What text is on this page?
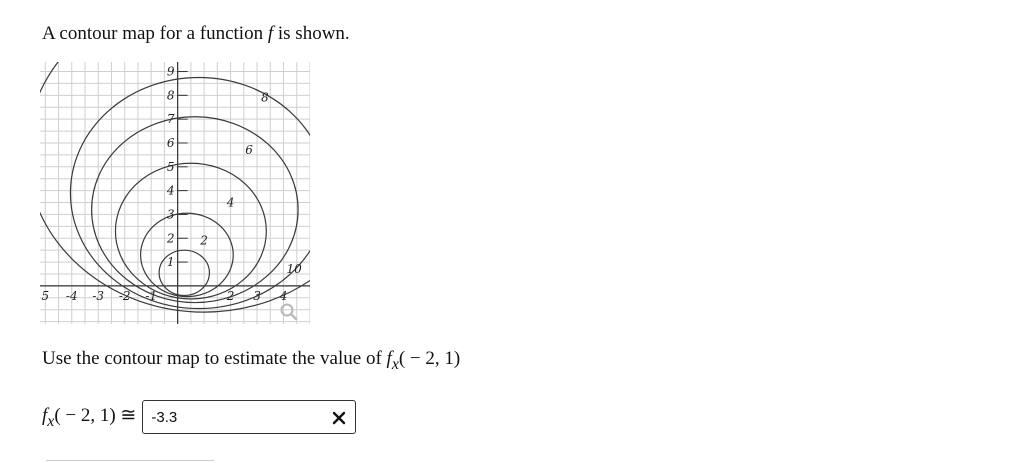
A contour map for a function f is shown.
5 -4 -3 -2 -1	2 3 4
1
2
3
4
5
6
7
8
9
2
4
6
8
10
Use the contour map to estimate the value of $f_x( - 2$, 1)
$f_x( - 2$, 1) ≅
-3.3
